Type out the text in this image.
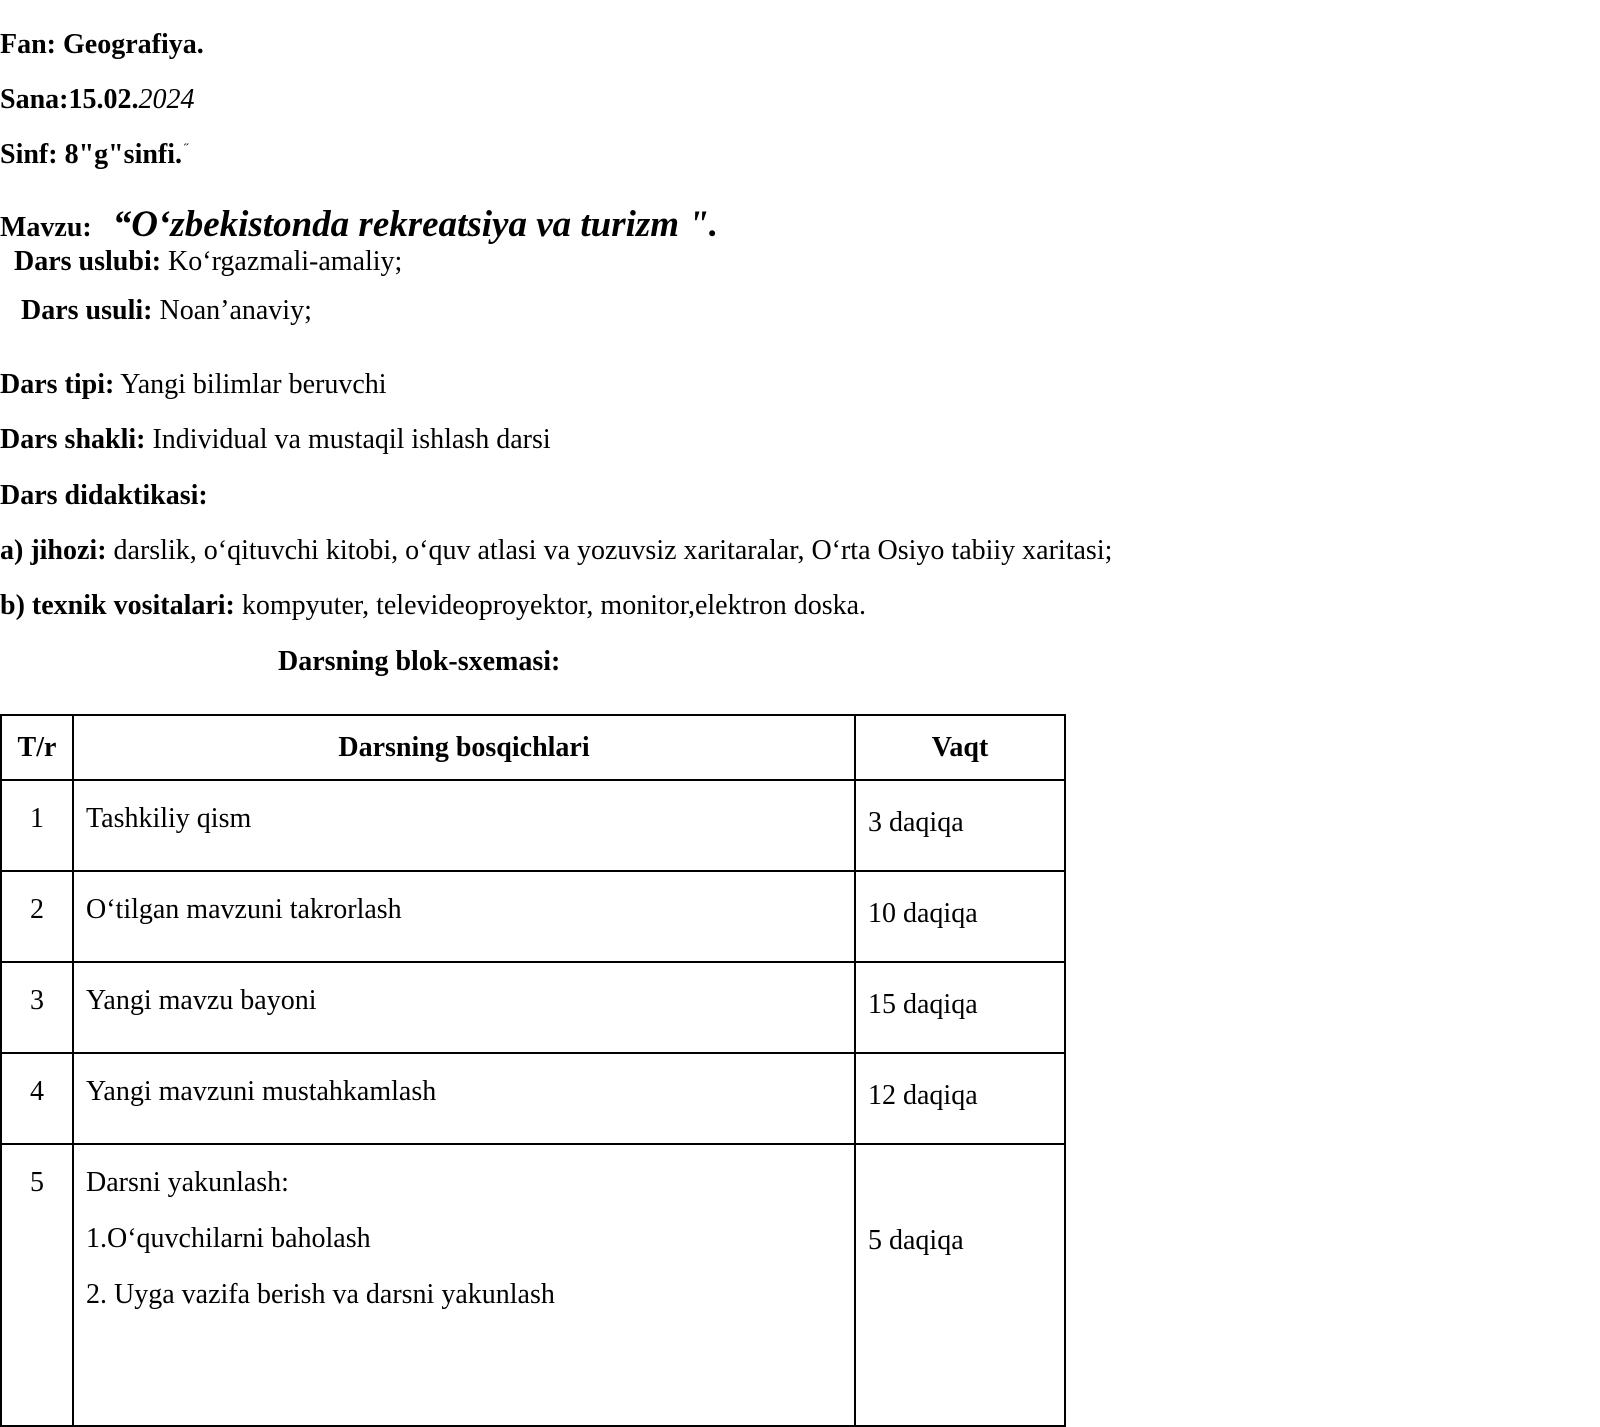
Fan: Geografiya.
Sana:15.02.2024
Sinf: 8"g"sinfi. ˝
Mavzu: “O‘zbekistonda rekreatsiya va turizm ".
Dars uslubi: Ko‘rgazmali-amaliy;
Dars usuli: Noan’anaviy;
Dars tipi: Yangi bilimlar beruvchi
Dars shakli: Individual va mustaqil ishlash darsi
Dars didaktikasi:
a) jihozi: darslik, o‘qituvchi kitobi, o‘quv atlasi va yozuvsiz xaritaralar, O‘rta Osiyo tabiiy xaritasi;
b) texnik vositalari: kompyuter, televideoproyektor, monitor,elektron doska.
Darsning blok-sxemasi:
T/r	Darsning bosqichlari	Vaqt
1	Tashkiliy qism	3 daqiqa
2	O‘tilgan mavzuni takrorlash	10 daqiqa
3	Yangi mavzu bayoni	15 daqiqa
4	Yangi mavzuni mustahkamlash	12 daqiqa
5	Darsni yakunlash:

1.O‘quvchilarni baholash

2. Uyga vazifa berish va darsni yakunlash	5 daqiqa
